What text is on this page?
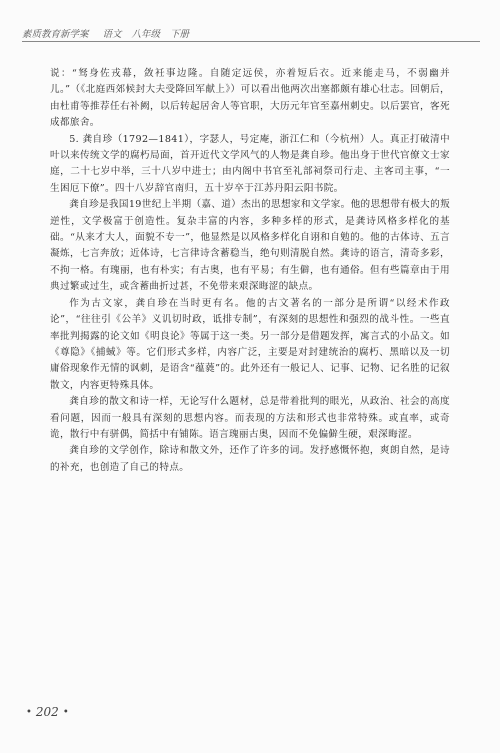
素质教育新学案 语文 八年级 下册

说：“驽身佐戎幕，敛衽事边隆。自随定远侯，亦着短后衣。近来能走马，不弱幽并儿。”（《北庭西郊候封大夫受降回军献上》）可以看出他两次出塞都颇有雄心壮志。回朝后，由杜甫等推荐任右补阙，以后转起居舍人等官职，大历元年官至嘉州刺史。以后罢官，客死成都旅舍。

5. 龚自珍（1792—1841），字瑟人，号定庵，浙江仁和（今杭州）人。真正打破清中叶以来传统文学的腐朽局面，首开近代文学风气的人物是龚自珍。他出身于世代官僚文士家庭，二十七岁中举，三十八岁中进士；由内阁中书官至礼部祠祭司行走、主客司主事，“一生困厄下僚”。四十八岁辞官南归，五十岁卒于江苏丹阳云阳书院。

龚自珍是我国19世纪上半期（嘉、道）杰出的思想家和文学家。他的思想带有极大的叛逆性，文学极富于创造性。复杂丰富的内容，多种多样的形式，是龚诗风格多样化的基础。“从来才大人，面貌不专一”，他显然是以风格多样化自诩和自勉的。他的古体诗、五言凝炼，七言奔放；近体诗，七言律诗含蓄稳当，绝句则清脱自然。龚诗的语言，清奇多彩，不拘一格。有瑰丽，也有朴实；有古奥，也有平易；有生僻，也有通俗。但有些篇章由于用典过繁或过生，或含蓄曲折过甚，不免带来艰深晦涩的缺点。

作为古文家，龚自珍在当时更有名。他的古文著名的一部分是所谓“以经术作政论”，“往往引《公羊》义讥切时政，诋排专制”，有深刻的思想性和强烈的战斗性。一些直率批判揭露的论文如《明良论》等属于这一类。另一部分是借题发挥，寓言式的小品文。如《尊隐》《捕蜮》等。它们形式多样，内容广泛，主要是对封建统治的腐朽、黑暗以及一切庸俗现象作无情的讽刺，是语含“蕴蕤”的。此外还有一般记人、记事、记物、记名胜的记叙散文，内容更特殊具体。

龚自珍的散文和诗一样，无论写什么题材，总是带着批判的眼光，从政治、社会的高度看问题，因而一般具有深刻的思想内容。而表现的方法和形式也非常特殊。或直率，或奇诡，散行中有骈偶，简括中有铺陈。语言瑰丽古奥，因而不免偏僻生硬，艰深晦涩。

龚自珍的文学创作，除诗和散文外，还作了许多的词。发抒感慨怀抱，爽朗自然，是诗的补充，也创造了自己的特点。

• 202 •
